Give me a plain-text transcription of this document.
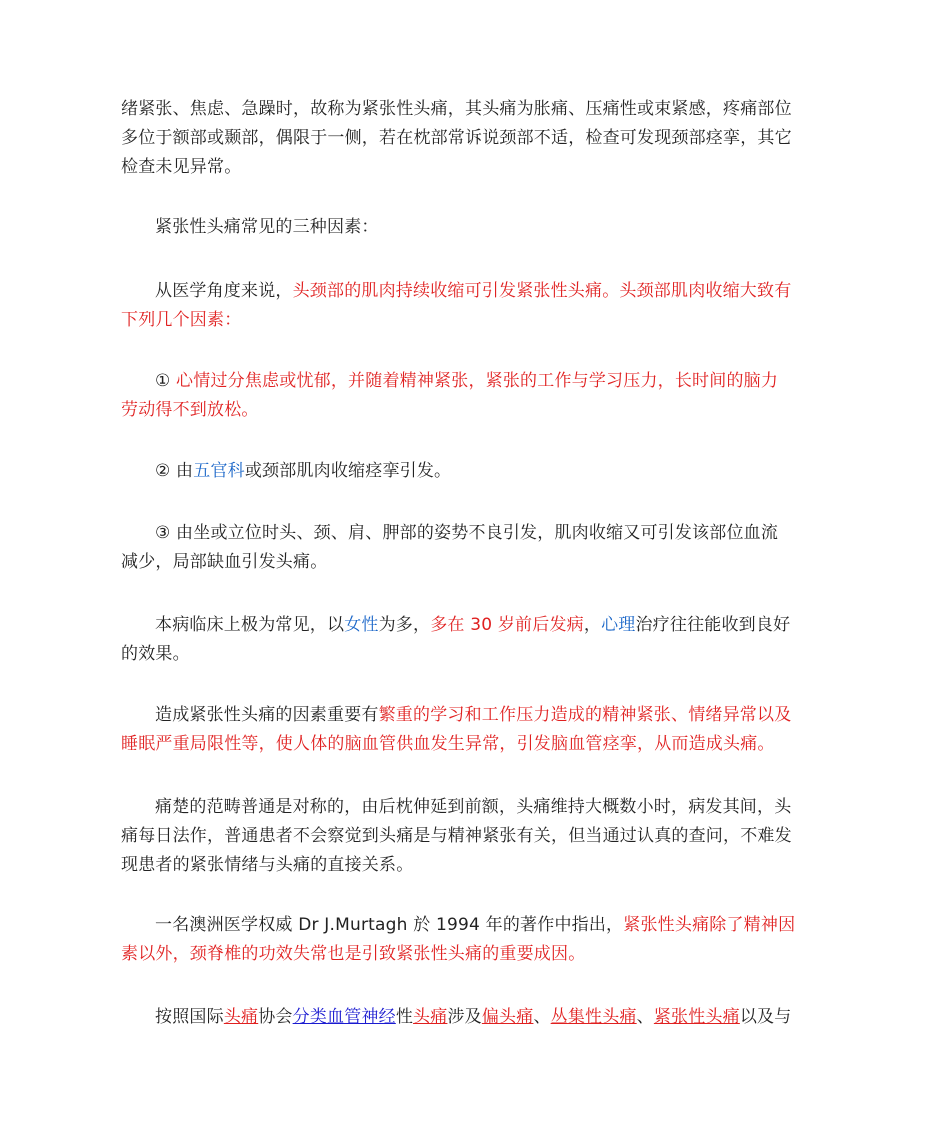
绪紧张、焦虑、急躁时，故称为紧张性头痛，其头痛为胀痛、压痛性或束紧感，疼痛部位
多位于额部或颞部，偶限于一侧，若在枕部常诉说颈部不适，检查可发现颈部痉挛，其它
检查未见异常。

紧张性头痛常见的三种因素：

从医学角度来说，头颈部的肌肉持续收缩可引发紧张性头痛。头颈部肌肉收缩大致有
下列几个因素：

① 心情过分焦虑或忧郁，并随着精神紧张，紧张的工作与学习压力，长时间的脑力
劳动得不到放松。

② 由五官科或颈部肌肉收缩痉挛引发。

③ 由坐或立位时头、颈、肩、胛部的姿势不良引发，肌肉收缩又可引发该部位血流
减少，局部缺血引发头痛。

本病临床上极为常见，以女性为多，多在 30 岁前后发病，心理治疗往往能收到良好
的效果。

造成紧张性头痛的因素重要有繁重的学习和工作压力造成的精神紧张、情绪异常以及
睡眠严重局限性等，使人体的脑血管供血发生异常，引发脑血管痉挛，从而造成头痛。

痛楚的范畴普通是对称的，由后枕伸延到前额，头痛维持大概数小时，病发其间，头
痛每日法作，普通患者不会察觉到头痛是与精神紧张有关，但当通过认真的查问，不难发
现患者的紧张情绪与头痛的直接关系。

一名澳洲医学权威 Dr J.Murtagh 於 1994 年的著作中指出，紧张性头痛除了精神因
素以外，颈脊椎的功效失常也是引致紧张性头痛的重要成因。

按照国际头痛协会分类血管神经性头痛涉及偏头痛、丛集性头痛、紧张性头痛以及与
